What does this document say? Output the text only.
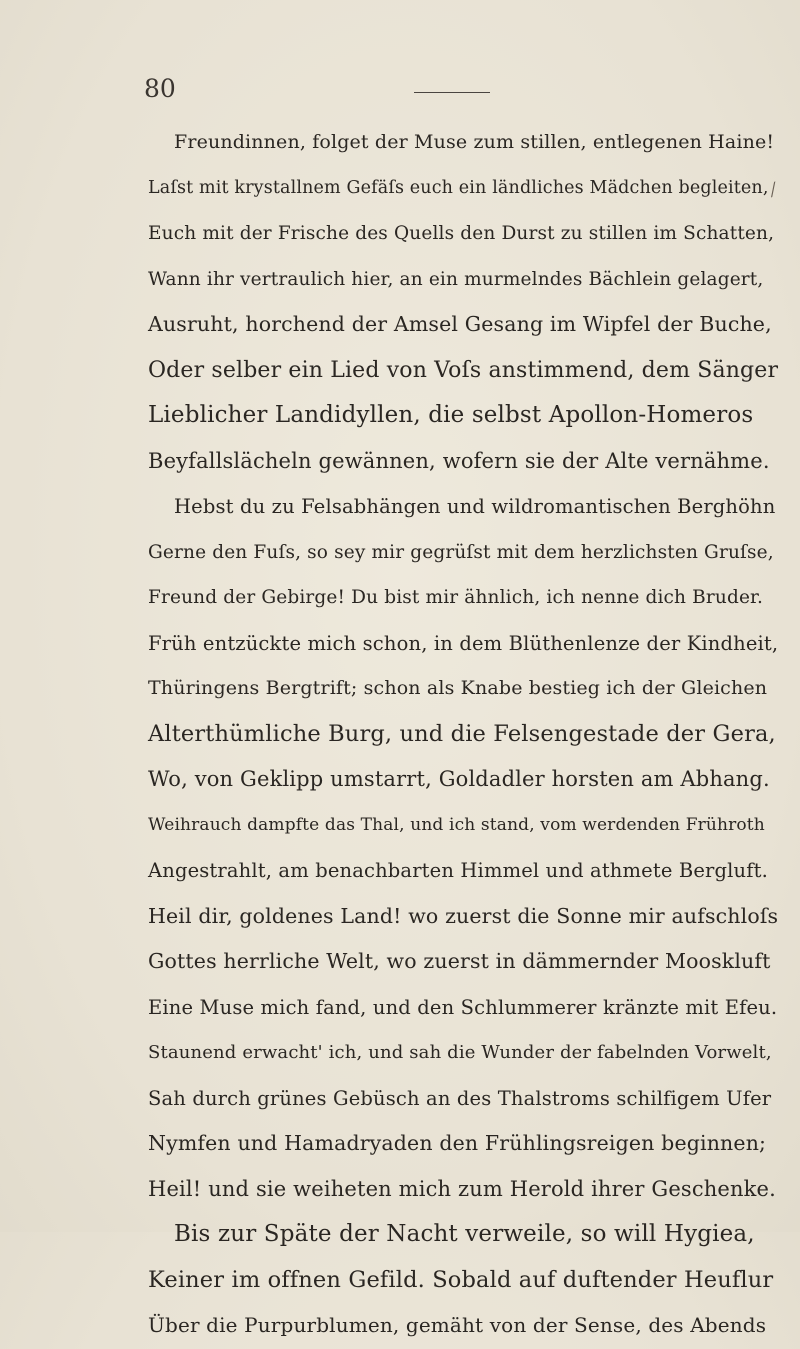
80
⁄
Freundinnen, folget der Muse zum stillen, entlegenen Haine!
Laſst mit krystallnem Gefäſs euch ein ländliches Mädchen begleiten,
Euch mit der Frische des Quells den Durst zu stillen im Schatten,
Wann ihr vertraulich hier, an ein murmelndes Bächlein gelagert,
Ausruht, horchend der Amsel Gesang im Wipfel der Buche,
Oder selber ein Lied von Voſs anstimmend, dem Sänger
Lieblicher Landidyllen, die selbst Apollon-Homeros
Beyfallslächeln gewännen, wofern sie der Alte vernähme.
Hebst du zu Felsabhängen und wildromantischen Berghöhn
Gerne den Fuſs, so sey mir gegrüſst mit dem herzlichsten Gruſse,
Freund der Gebirge! Du bist mir ähnlich, ich nenne dich Bruder.
Früh entzückte mich schon, in dem Blüthenlenze der Kindheit,
Thüringens Bergtrift; schon als Knabe bestieg ich der Gleichen
Alterthümliche Burg, und die Felsengestade der Gera,
Wo, von Geklipp umstarrt, Goldadler horsten am Abhang.
Weihrauch dampfte das Thal, und ich stand, vom werdenden Frühroth
Angestrahlt, am benachbarten Himmel und athmete Bergluft.
Heil dir, goldenes Land! wo zuerst die Sonne mir aufschloſs
Gottes herrliche Welt, wo zuerst in dämmernder Mooskluft
Eine Muse mich fand, und den Schlummerer kränzte mit Efeu.
Staunend erwacht' ich, und sah die Wunder der fabelnden Vorwelt,
Sah durch grünes Gebüsch an des Thalstroms schilfigem Ufer
Nymfen und Hamadryaden den Frühlingsreigen beginnen;
Heil! und sie weiheten mich zum Herold ihrer Geschenke.
Bis zur Späte der Nacht verweile, so will Hygiea,
Keiner im offnen Gefild. Sobald auf duftender Heuflur
Über die Purpurblumen, gemäht von der Sense, des Abends
